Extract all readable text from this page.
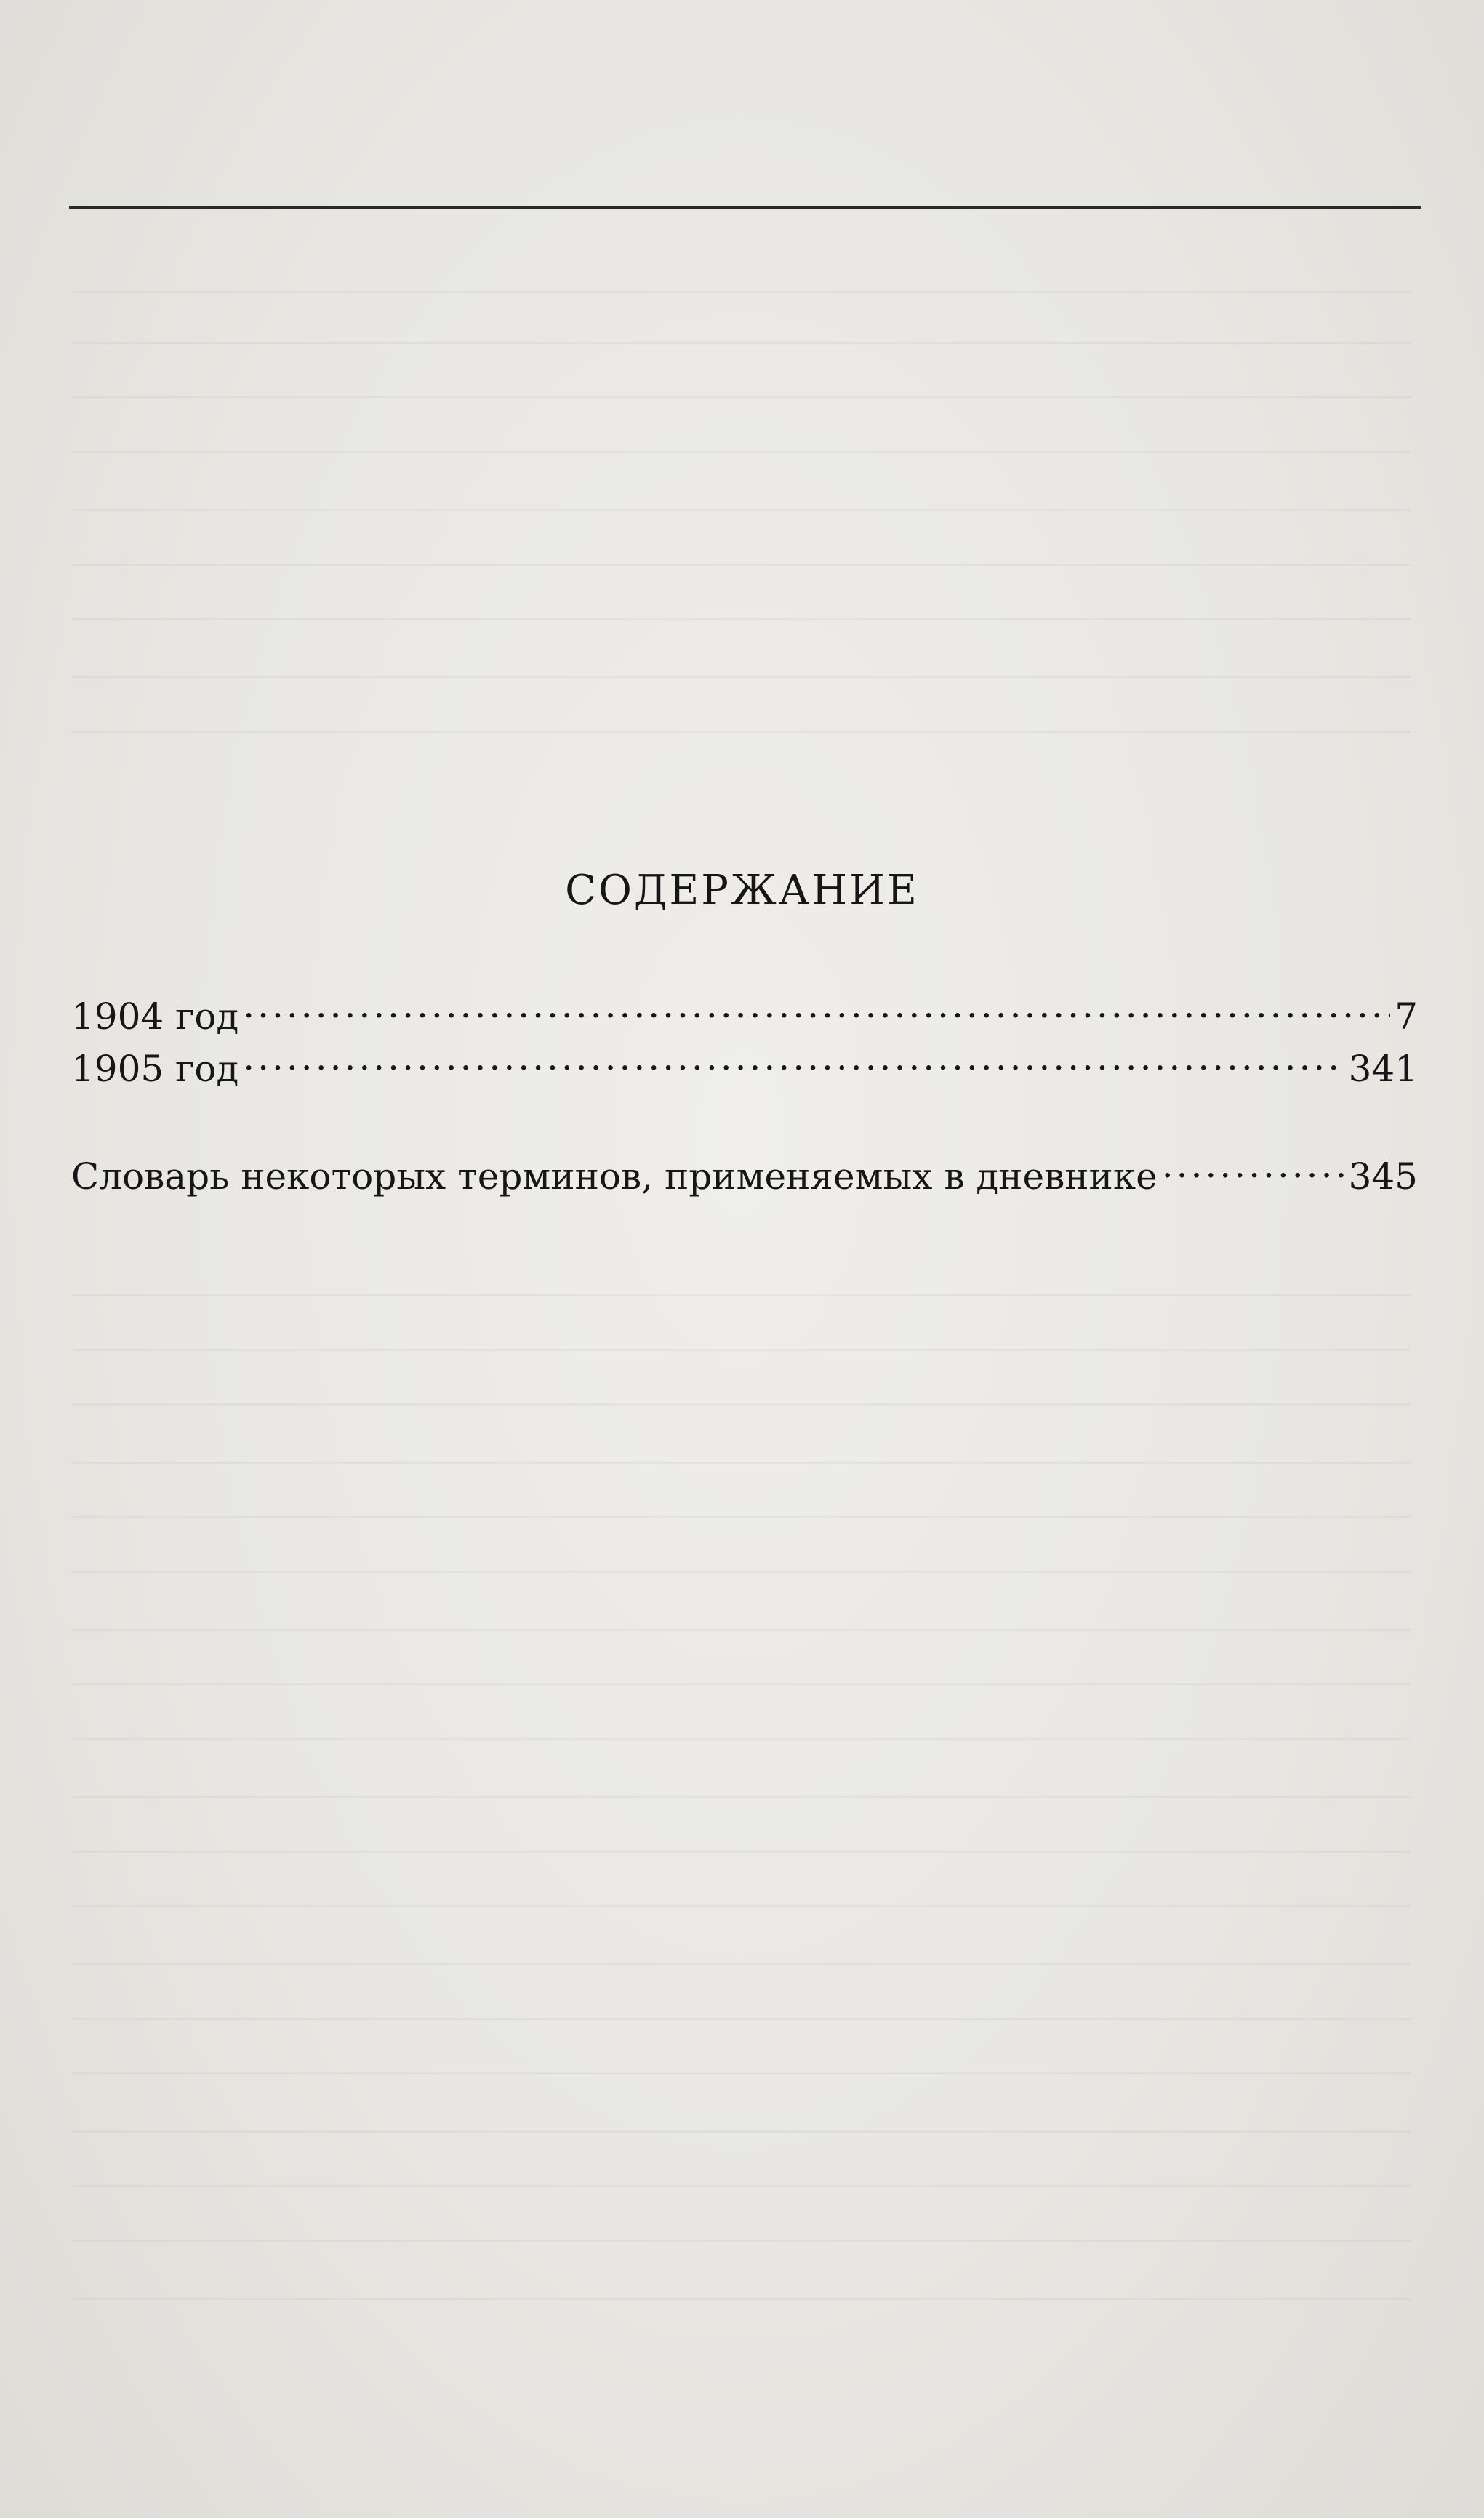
СОДЕРЖАНИЕ
1904 год .....	7
1905 год .....	341
Словарь некоторых терминов, применяемых в дневнике .....	345
